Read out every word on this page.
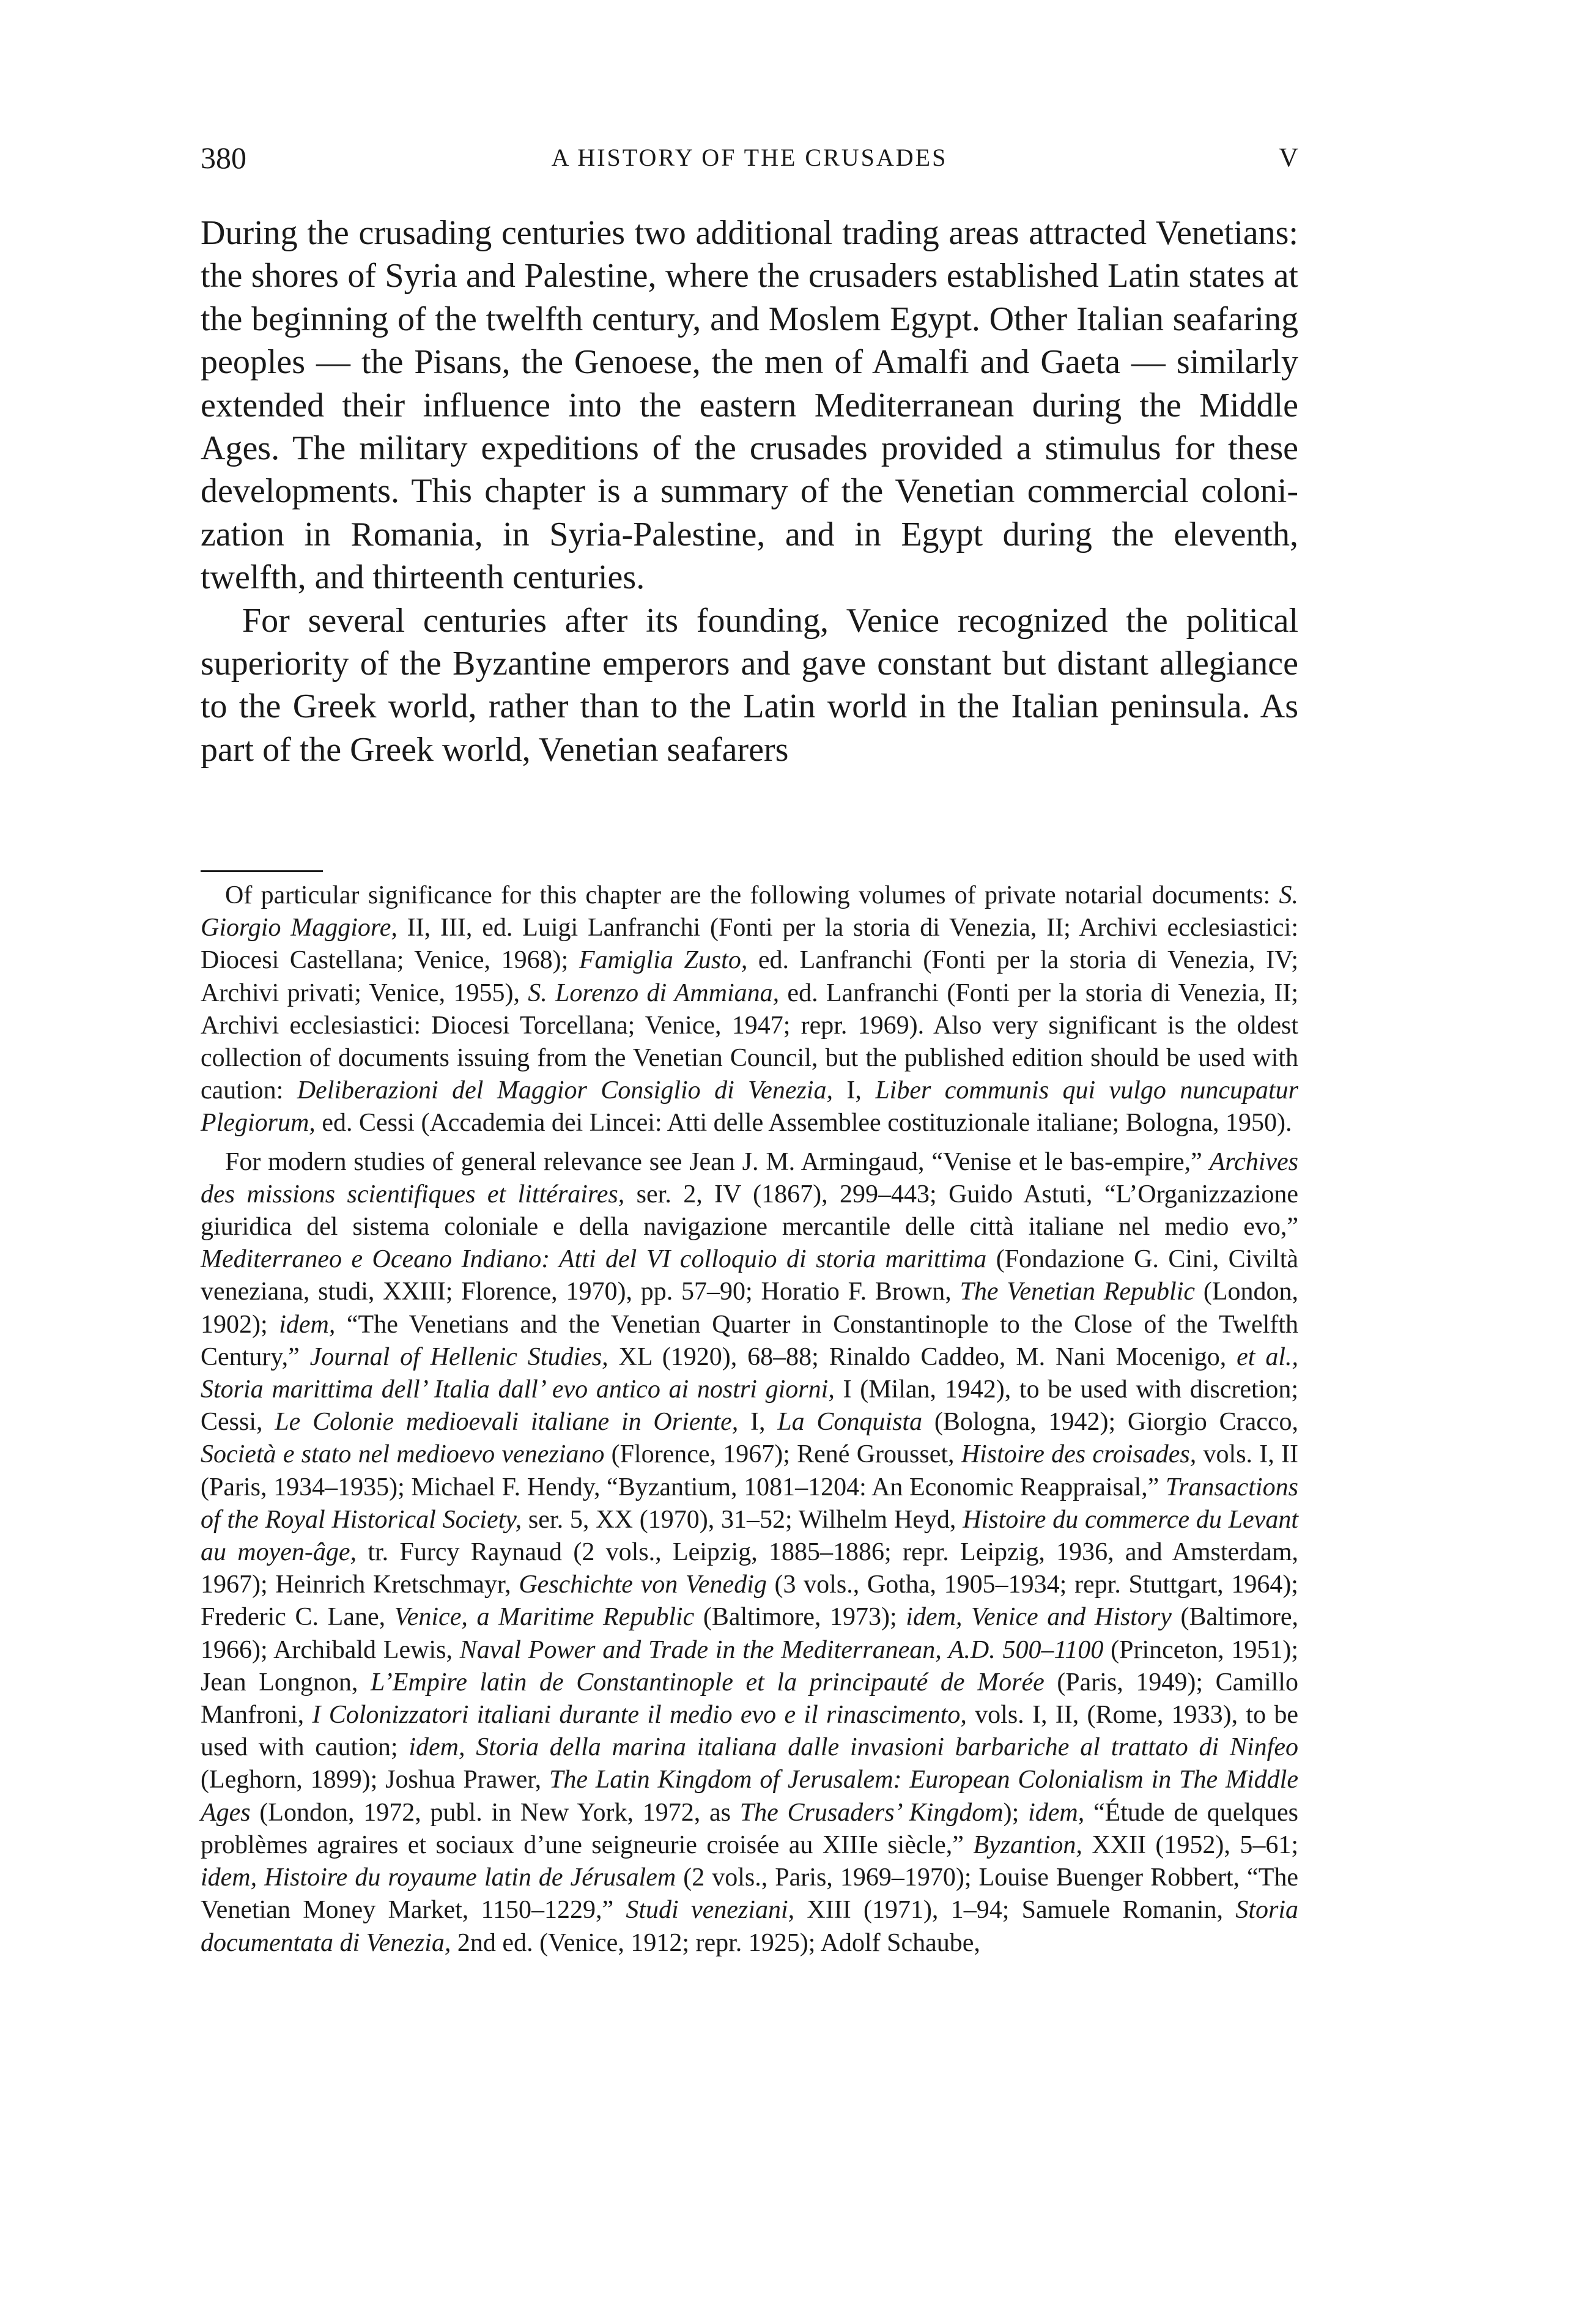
380	A HISTORY OF THE CRUSADES	V

During the crusading centuries two additional trading areas attracted Venetians: the shores of Syria and Palestine, where the crusaders established Latin states at the beginning of the twelfth century, and Moslem Egypt. Other Italian seafaring peoples — the Pisans, the Genoese, the men of Amalfi and Gaeta — similarly extended their influence into the eastern Mediterranean during the Middle Ages. The military expeditions of the crusades provided a stimulus for these developments. This chapter is a summary of the Venetian commercial colonization in Romania, in Syria-Palestine, and in Egypt during the eleventh, twelfth, and thirteenth centuries.

For several centuries after its founding, Venice recognized the political superiority of the Byzantine emperors and gave constant but distant allegiance to the Greek world, rather than to the Latin world in the Italian peninsula. As part of the Greek world, Venetian seafarers

Of particular significance for this chapter are the following volumes of private notarial documents: S. Giorgio Maggiore, II, III, ed. Luigi Lanfranchi (Fonti per la storia di Venezia, II; Archivi ecclesiastici: Diocesi Castellana; Venice, 1968); Famiglia Zusto, ed. Lanfranchi (Fonti per la storia di Venezia, IV; Archivi privati; Venice, 1955), S. Lorenzo di Ammiana, ed. Lanfranchi (Fonti per la storia di Venezia, II; Archivi ecclesiastici: Diocesi Torcellana; Venice, 1947; repr. 1969). Also very significant is the oldest collection of documents issuing from the Venetian Council, but the published edition should be used with caution: Deliberazioni del Maggior Consiglio di Venezia, I, Liber communis qui vulgo nuncupatur Plegiorum, ed. Cessi (Accademia dei Lincei: Atti delle Assemblee costituzionale italiane; Bologna, 1950).

For modern studies of general relevance see Jean J. M. Armingaud, “Venise et le bas-empire,” Archives des missions scientifiques et littéraires, ser. 2, IV (1867), 299–443; Guido Astuti, “L’Organizzazione giuridica del sistema coloniale e della navigazione mercantile delle città italiane nel medio evo,” Mediterraneo e Oceano Indiano: Atti del VI colloquio di storia marittima (Fondazione G. Cini, Civiltà veneziana, studi, XXIII; Florence, 1970), pp. 57–90; Horatio F. Brown, The Venetian Republic (London, 1902); idem, “The Venetians and the Venetian Quarter in Constantinople to the Close of the Twelfth Century,” Journal of Hellenic Studies, XL (1920), 68–88; Rinaldo Caddeo, M. Nani Mocenigo, et al., Storia marittima dell’ Italia dall’ evo antico ai nostri giorni, I (Milan, 1942), to be used with discretion; Cessi, Le Colonie medioevali italiane in Oriente, I, La Conquista (Bologna, 1942); Giorgio Cracco, Società e stato nel medioevo veneziano (Florence, 1967); René Grousset, Histoire des croisades, vols. I, II (Paris, 1934–1935); Michael F. Hendy, “Byzantium, 1081–1204: An Economic Reappraisal,” Transactions of the Royal Historical Society, ser. 5, XX (1970), 31–52; Wilhelm Heyd, Histoire du commerce du Levant au moyen-âge, tr. Furcy Raynaud (2 vols., Leipzig, 1885–1886; repr. Leipzig, 1936, and Amsterdam, 1967); Heinrich Kretschmayr, Geschichte von Venedig (3 vols., Gotha, 1905–1934; repr. Stuttgart, 1964); Frederic C. Lane, Venice, a Maritime Republic (Baltimore, 1973); idem, Venice and History (Baltimore, 1966); Archibald Lewis, Naval Power and Trade in the Mediterranean, A.D. 500–1100 (Princeton, 1951); Jean Longnon, L’Empire latin de Constantinople et la principauté de Morée (Paris, 1949); Camillo Manfroni, I Colonizzatori italiani durante il medio evo e il rinascimento, vols. I, II, (Rome, 1933), to be used with caution; idem, Storia della marina italiana dalle invasioni barbariche al trattato di Ninfeo (Leghorn, 1899); Joshua Prawer, The Latin Kingdom of Jerusalem: European Colonialism in The Middle Ages (London, 1972, publ. in New York, 1972, as The Crusaders’ Kingdom); idem, “Étude de quelques problèmes agraires et sociaux d’une seigneurie croisée au XIIIe siècle,” Byzantion, XXII (1952), 5–61; idem, Histoire du royaume latin de Jérusalem (2 vols., Paris, 1969–1970); Louise Buenger Robbert, “The Venetian Money Market, 1150–1229,” Studi veneziani, XIII (1971), 1–94; Samuele Romanin, Storia documentata di Venezia, 2nd ed. (Venice, 1912; repr. 1925); Adolf Schaube,
